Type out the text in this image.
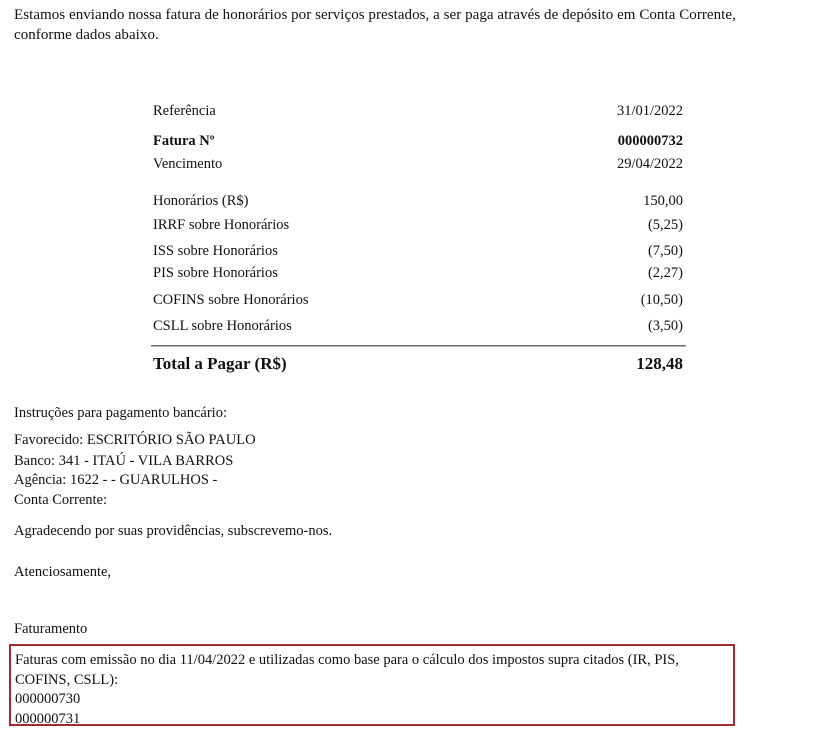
Estamos enviando nossa fatura de honorários por serviços prestados, a ser paga através de depósito em Conta Corrente,
conforme dados abaixo.
Referência	31/01/2022
Fatura Nº	000000732
Vencimento	29/04/2022
Honorários (R$)	150,00
IRRF sobre Honorários	(5,25)
ISS sobre Honorários	(7,50)
PIS sobre Honorários	(2,27)
COFINS sobre Honorários	(10,50)
CSLL sobre Honorários	(3,50)
Total a Pagar (R$)	128,48
Instruções para pagamento bancário:
Favorecido: ESCRITÓRIO SÃO PAULO
Banco: 341 - ITAÚ - VILA BARROS
Agência: 1622 - - GUARULHOS -
Conta Corrente:
Agradecendo por suas providências, subscrevemo-nos.
Atenciosamente,
Faturamento
Faturas com emissão no dia 11/04/2022 e utilizadas como base para o cálculo dos impostos supra citados (IR, PIS,
COFINS, CSLL):
000000730
000000731
